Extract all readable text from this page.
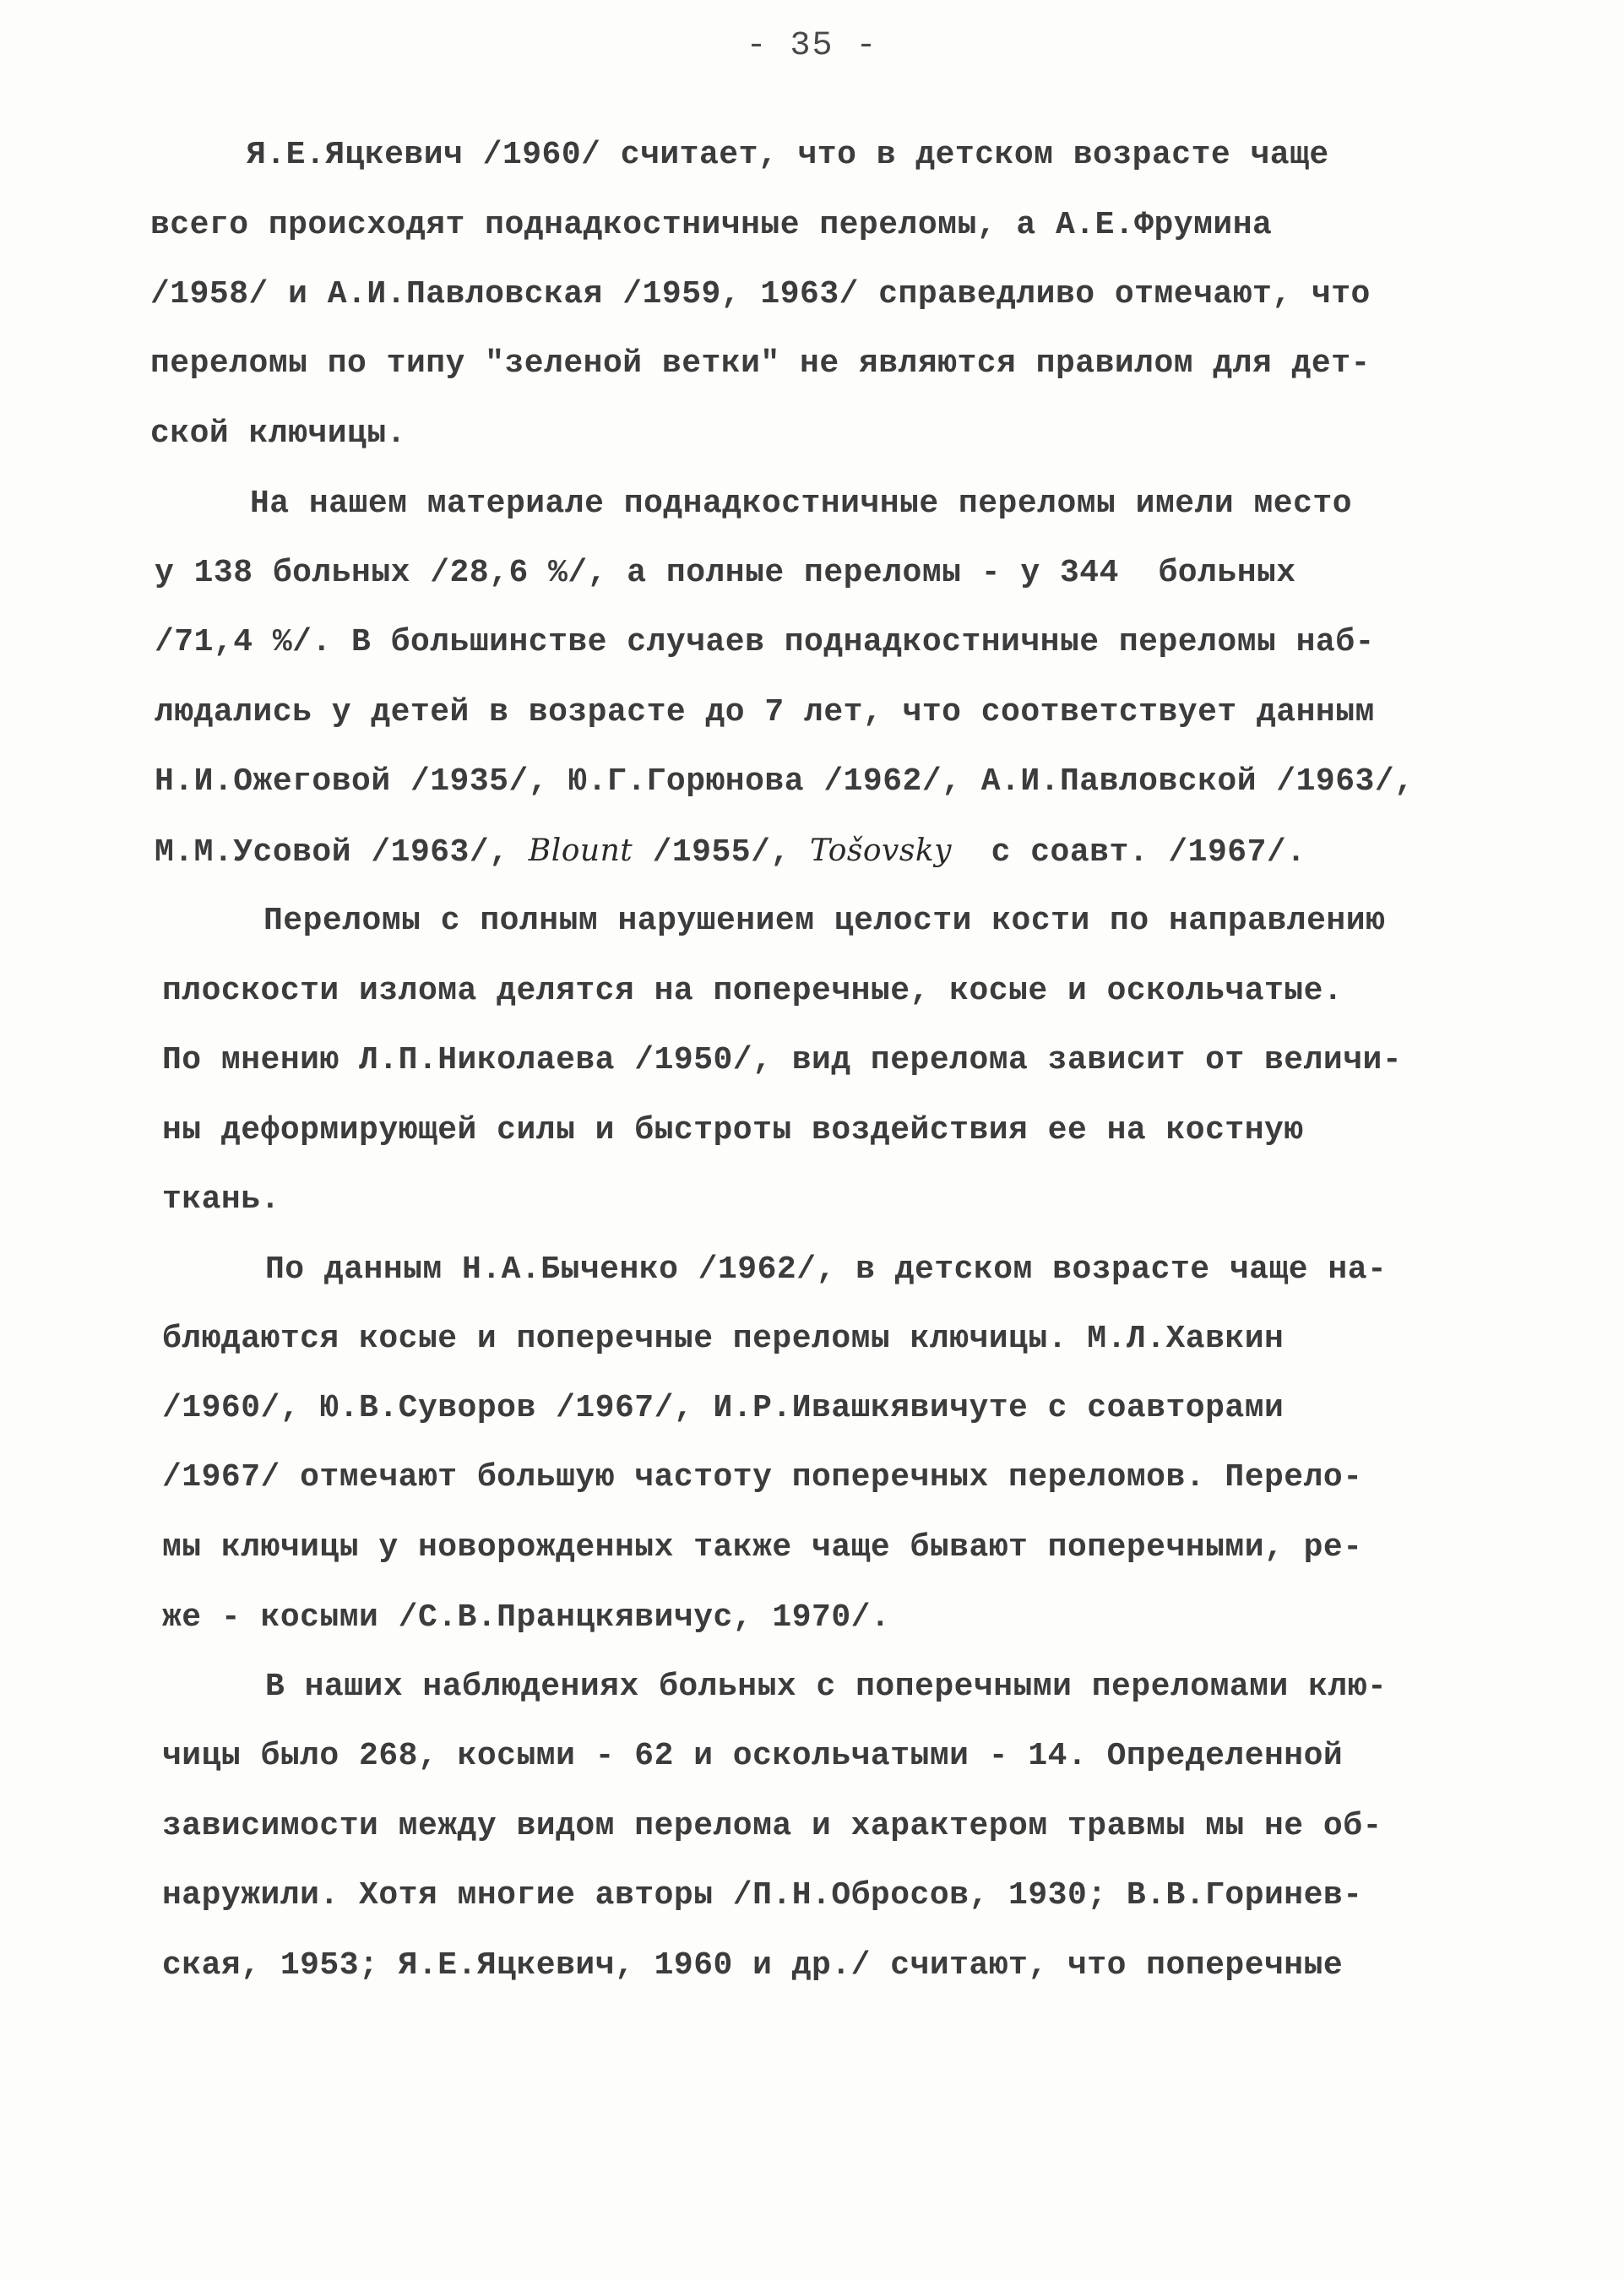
- 35 -
Я.Е.Яцкевич /1960/ считает, что в детском возрасте чаще
всего происходят поднадкостничные переломы, а А.Е.Фрумина
/1958/ и А.И.Павловская /1959, 1963/ справедливо отмечают, что
переломы по типу "зеленой ветки" не являются правилом для дет-
ской ключицы.
На нашем материале поднадкостничные переломы имели место
у 138 больных /28,6 %/, а полные переломы - у 344  больных
/71,4 %/. В большинстве случаев поднадкостничные переломы наб-
людались у детей в возрасте до 7 лет, что соответствует данным
Н.И.Ожеговой /1935/, Ю.Г.Горюнова /1962/, А.И.Павловской /1963/,
М.М.Усовой /1963/, Blount /1955/, Tošovsky  с соавт. /1967/.
Переломы с полным нарушением целости кости по направлению
плоскости излома делятся на поперечные, косые и оскольчатые.
По мнению Л.П.Николаева /1950/, вид перелома зависит от величи-
ны деформирующей силы и быстроты воздействия ее на костную
ткань.
По данным Н.А.Быченко /1962/, в детском возрасте чаще на-
блюдаются косые и поперечные переломы ключицы. М.Л.Хавкин
/1960/, Ю.В.Суворов /1967/, И.Р.Ивашкявичуте с соавторами
/1967/ отмечают большую частоту поперечных переломов. Перело-
мы ключицы у новорожденных также чаще бывают поперечными, ре-
же - косыми /С.В.Пранцкявичус, 1970/.
В наших наблюдениях больных с поперечными переломами клю-
чицы было 268, косыми - 62 и оскольчатыми - 14. Определенной
зависимости между видом перелома и характером травмы мы не об-
наружили. Хотя многие авторы /П.Н.Обросов, 1930; В.В.Горинев-
ская, 1953; Я.Е.Яцкевич, 1960 и др./ считают, что поперечные
